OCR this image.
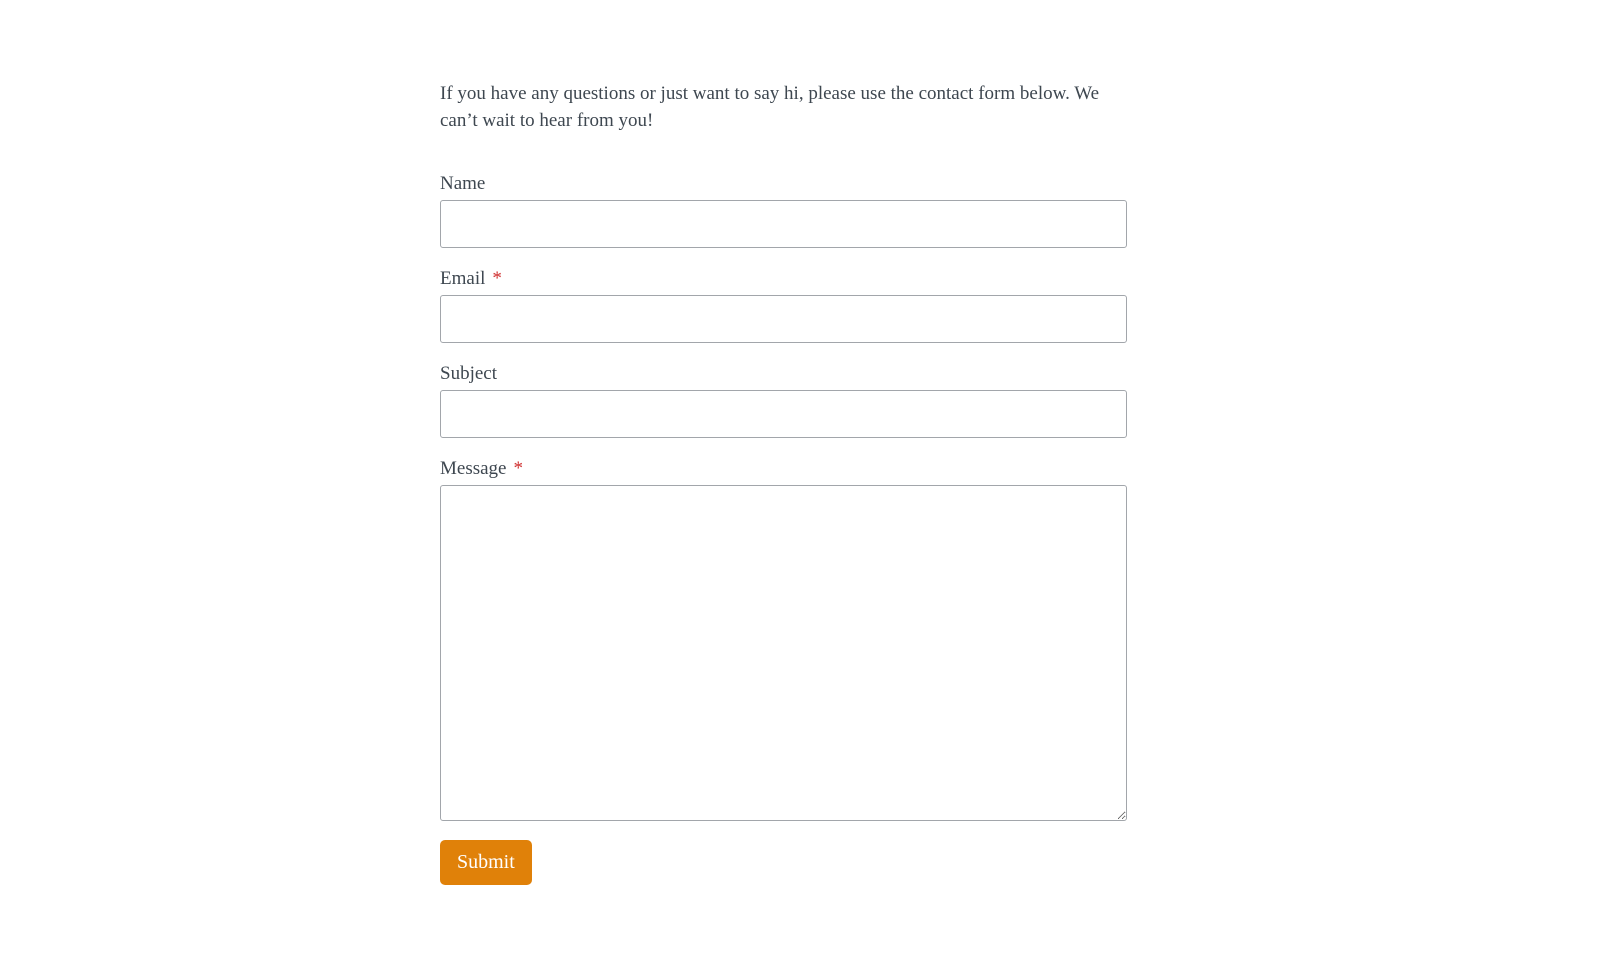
If you have any questions or just want to say hi, please use the contact form below. We can’t wait to hear from you!

Name
Email *
Subject
Message *
Submit
